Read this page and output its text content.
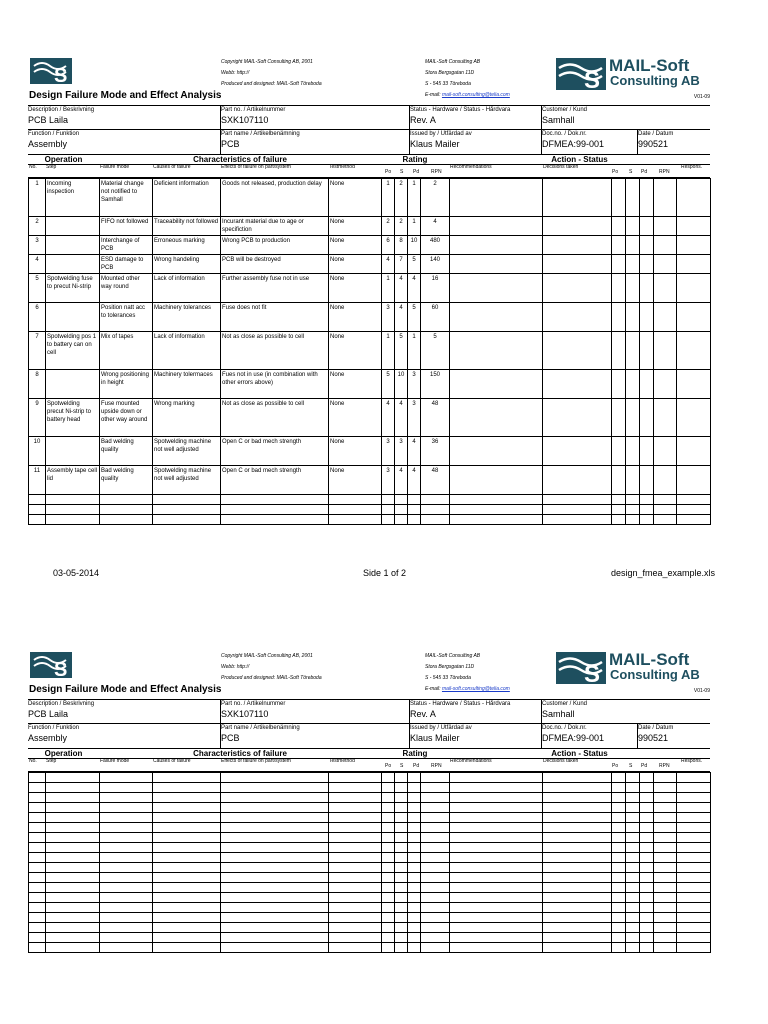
S
Copyright MAIL-Soft Consulting AB, 2001
Webb: http://
Produced and designed: MAIL-Soft Töreboda
MAIL-Soft Consulting AB
Stora Bergsgatan 11D
S - 545 33 Töreboda	S
MAIL-Soft
Consulting AB
Design Failure Mode and Effect Analysis	E-mail: mail-soft.consulting@telia.com	V01-09
Description / Beskrivning
PCB Laila
Function / Funktion
Assembly
Part no. / Artikelnummer
SXK107110
Part name / Artikelbenämning
PCB
Status - Hardware / Status - Hårdvara
Rev. A
Issued by / Utfärdad av
Klaus Mailer
Customer / Kund
Samhall
Doc.no. / Dok.nr.
DFMEA:99-001
Date / Datum
990521
Operation	Characteristics of failure	Rating	Action - Status
No. Step	Failure mode	Causes of failure	Effects of failure on part/system	Testmethod
Po S Pd RPN
Recommendations	Decisions taken
Po S Pd RPN
Respons.
1	Incoming inspection	Material change not notified to Samhall	Deficient information	Goods not released, production delay	None	1	2	1	2							
2		FIFO not followed	Traceability not followed	Incurant material due to age or specifiction	None	2	2	1	4							
3		Interchange of PCB	Erroneous marking	Wrong PCB to production	None	6	8	10	480							
4		ESD damage to PCB	Wrong handeling	PCB will be destroyed	None	4	7	5	140							
5	Spotwelding fuse to precut Ni-strip	Mounted other way round	Lack of information	Further assembly fuse not in use	None	1	4	4	16							
6		Position natt acc to tolerances	Machinery tolerances	Fuse does not fit	None	3	4	5	60							
7	Spotwelding pos 1 to battery can on cell	Mix of tapes	Lack of information	Not as close as possible to cell	None	1	5	1	5							
8		Wrong positioning in height	Machinery tolermaces	Fues not in use (in combination with other errors above)	None	5	10	3	150							
9	Spotwelding precut Ni-strip to battery head	Fuse mounted upside down or other way around	Wrong marking	Not as close as possible to cell	None	4	4	3	48							
10		Bad welding quality	Spotwelding machine not well adjusted	Open C or bad mech strength	None	3	3	4	36							
11	Assembly tape cell lid	Bad welding quality	Spotwelding machine not well adjusted	Open C or bad mech strength	None	3	4	4	48							

03-05-2014	Side 1 of 2	design_fmea_example.xls
S
Copyright MAIL-Soft Consulting AB, 2001
Webb: http://
Produced and designed: MAIL-Soft Töreboda
MAIL-Soft Consulting AB
Stora Bergsgatan 11D
S - 545 33 Töreboda	S
MAIL-Soft
Consulting AB
Design Failure Mode and Effect Analysis	E-mail: mail-soft.consulting@telia.com	V01-09
Description / Beskrivning
PCB Laila
Function / Funktion
Assembly
Part no. / Artikelnummer
SXK107110
Part name / Artikelbenämning
PCB
Status - Hardware / Status - Hårdvara
Rev. A
Issued by / Utfärdad av
Klaus Mailer
Customer / Kund
Samhall
Doc.no. / Dok.nr.
DFMEA:99-001
Date / Datum
990521
Operation	Characteristics of failure	Rating	Action - Status
No. Step	Failure mode	Causes of failure	Effects of failure on part/system	Testmethod
Po S Pd RPN
Recommendations	Decisions taken
Po S Pd RPN
Respons.
